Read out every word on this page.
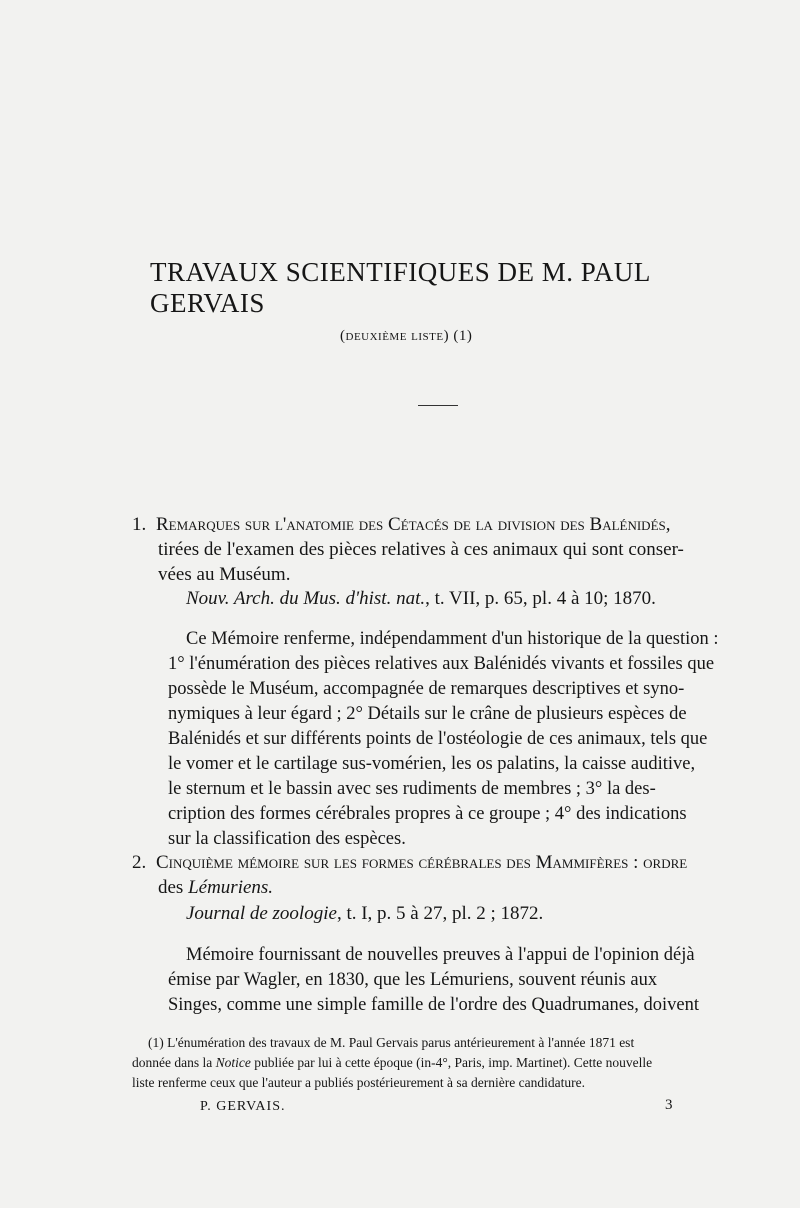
TRAVAUX SCIENTIFIQUES DE M. PAUL GERVAIS
(deuxième liste) (1)
1. Remarques sur l'anatomie des Cétacés de la division des Balénidés,
tirées de l'examen des pièces relatives à ces animaux qui sont conser-
vées au Muséum.
Nouv. Arch. du Mus. d'hist. nat., t. VII, p. 65, pl. 4 à 10; 1870.
Ce Mémoire renferme, indépendamment d'un historique de la question :
1° l'énumération des pièces relatives aux Balénidés vivants et fossiles que
possède le Muséum, accompagnée de remarques descriptives et syno-
nymiques à leur égard ; 2° Détails sur le crâne de plusieurs espèces de
Balénidés et sur différents points de l'ostéologie de ces animaux, tels que
le vomer et le cartilage sus-vomérien, les os palatins, la caisse auditive,
le sternum et le bassin avec ses rudiments de membres ; 3° la des-
cription des formes cérébrales propres à ce groupe ; 4° des indications
sur la classification des espèces.
2. Cinquième mémoire sur les formes cérébrales des Mammifères : ordre
des Lémuriens.
Journal de zoologie, t. I, p. 5 à 27, pl. 2 ; 1872.
Mémoire fournissant de nouvelles preuves à l'appui de l'opinion déjà
émise par Wagler, en 1830, que les Lémuriens, souvent réunis aux
Singes, comme une simple famille de l'ordre des Quadrumanes, doivent
(1) L'énumération des travaux de M. Paul Gervais parus antérieurement à l'année 1871 est
donnée dans la Notice publiée par lui à cette époque (in-4°, Paris, imp. Martinet). Cette nouvelle
liste renferme ceux que l'auteur a publiés postérieurement à sa dernière candidature.
P. GERVAIS.	3
